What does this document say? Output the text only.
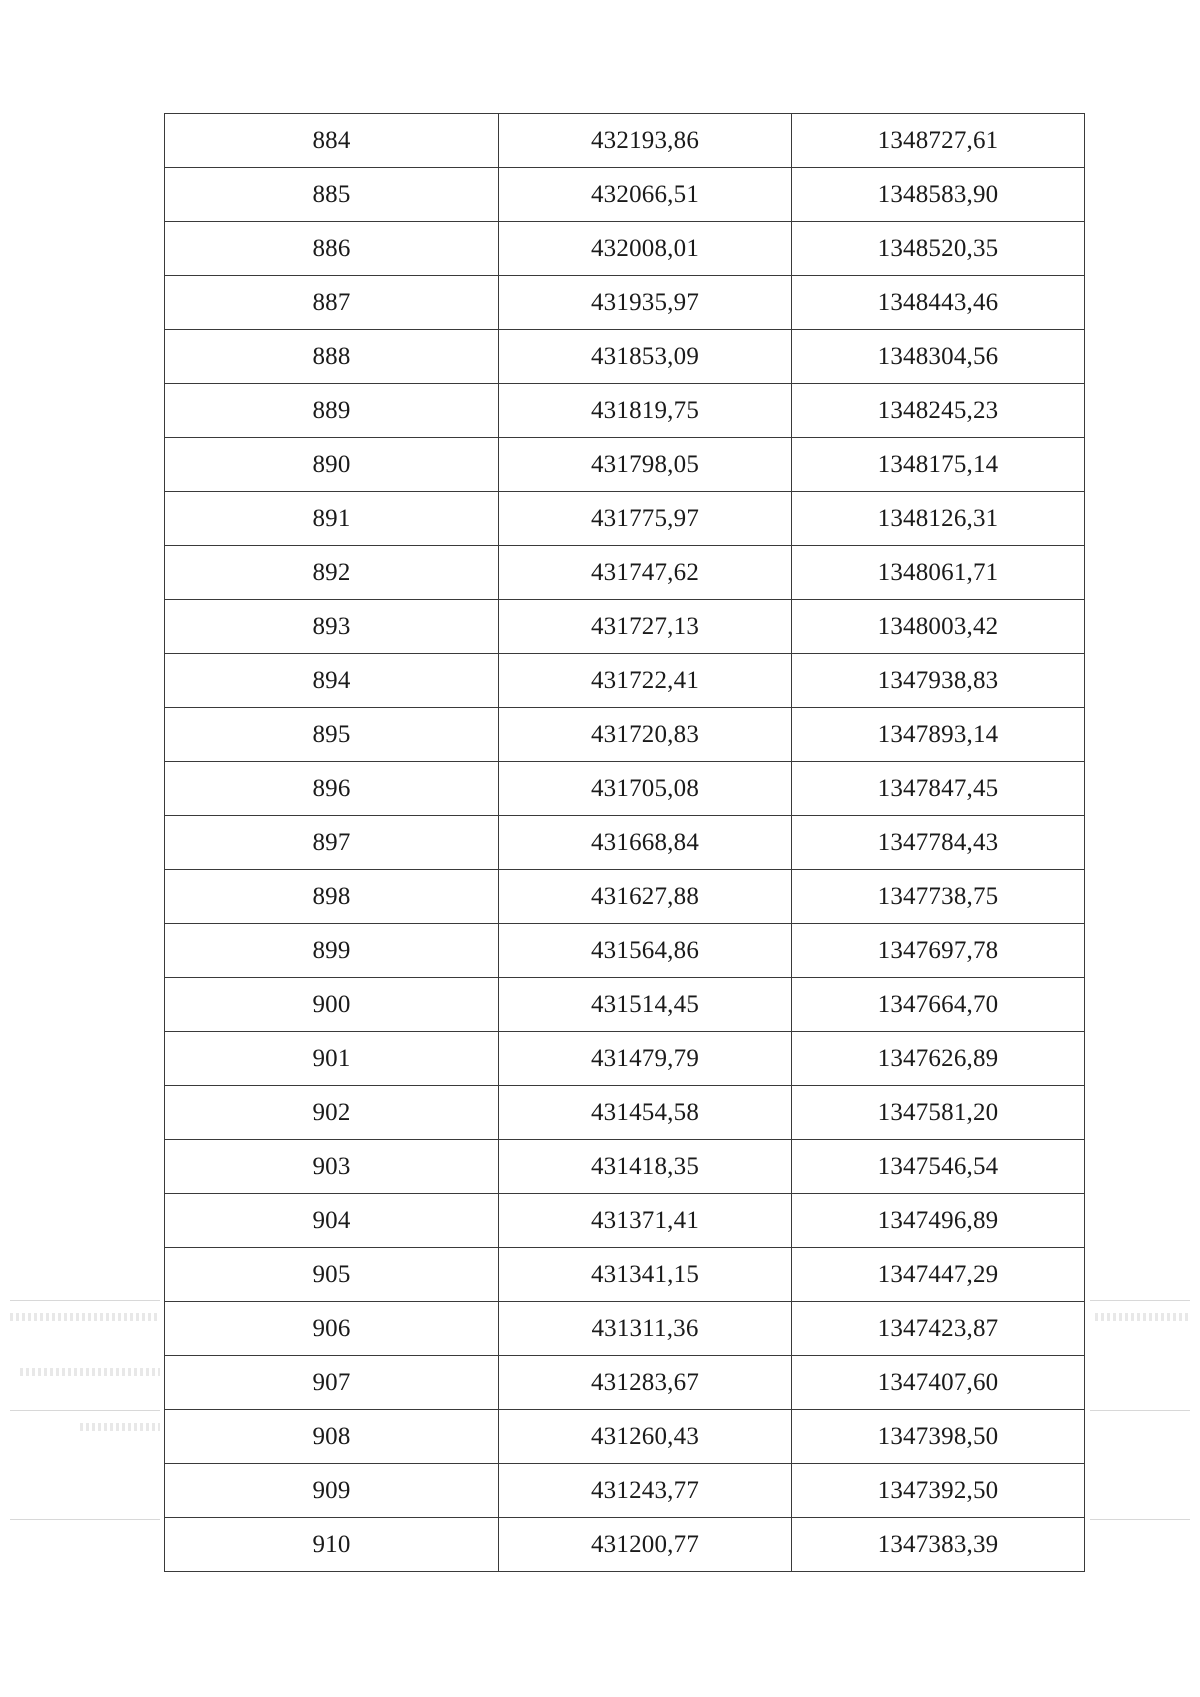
884	432193,86	1348727,61
885	432066,51	1348583,90
886	432008,01	1348520,35
887	431935,97	1348443,46
888	431853,09	1348304,56
889	431819,75	1348245,23
890	431798,05	1348175,14
891	431775,97	1348126,31
892	431747,62	1348061,71
893	431727,13	1348003,42
894	431722,41	1347938,83
895	431720,83	1347893,14
896	431705,08	1347847,45
897	431668,84	1347784,43
898	431627,88	1347738,75
899	431564,86	1347697,78
900	431514,45	1347664,70
901	431479,79	1347626,89
902	431454,58	1347581,20
903	431418,35	1347546,54
904	431371,41	1347496,89
905	431341,15	1347447,29
906	431311,36	1347423,87
907	431283,67	1347407,60
908	431260,43	1347398,50
909	431243,77	1347392,50
910	431200,77	1347383,39
